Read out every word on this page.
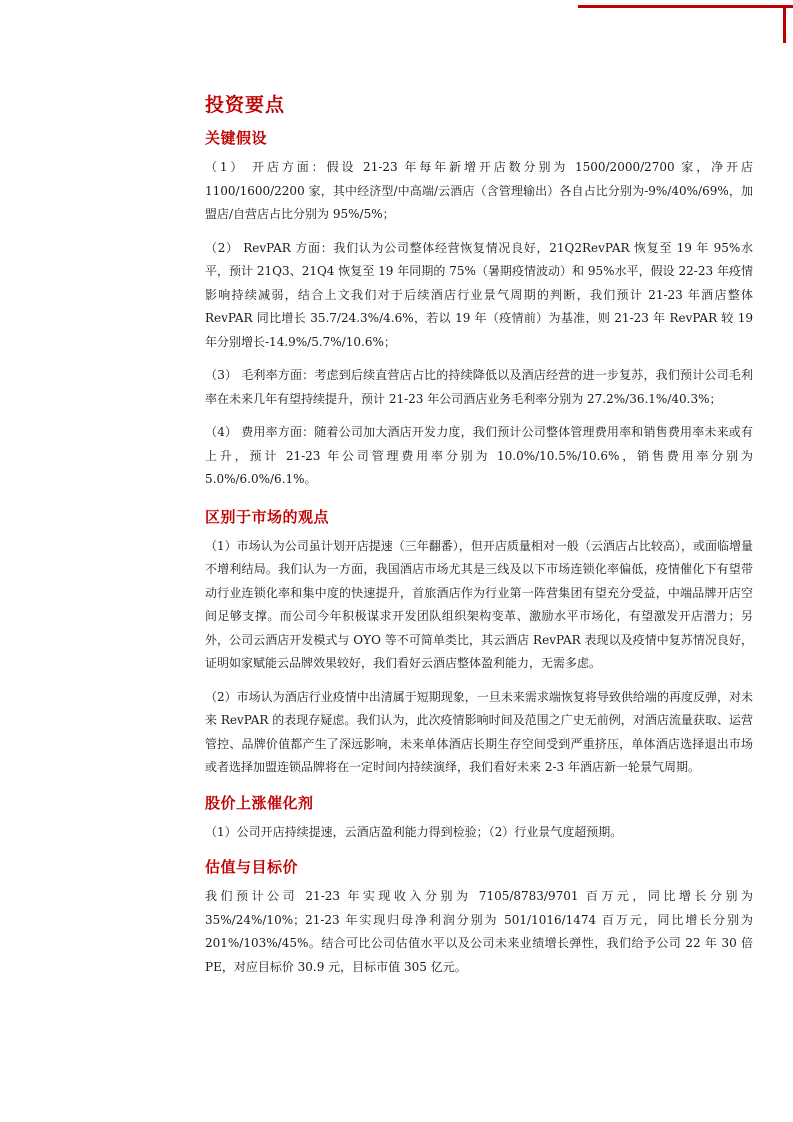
投资要点
关键假设

（1） 开店方面：假设 21-23 年每年新增开店数分别为 1500/2000/2700 家，净开店 1100/1600/2200 家，其中经济型/中高端/云酒店（含管理输出）各自占比分别为-9%/40%/69%，加盟店/自营店占比分别为 95%/5%；

（2） RevPAR 方面：我们认为公司整体经营恢复情况良好，21Q2RevPAR 恢复至 19 年 95%水平，预计 21Q3、21Q4 恢复至 19 年同期的 75%（暑期疫情波动）和 95%水平，假设 22-23 年疫情影响持续减弱，结合上文我们对于后续酒店行业景气周期的判断，我们预计 21-23 年酒店整体 RevPAR 同比增长 35.7/24.3%/4.6%，若以 19 年（疫情前）为基准，则 21-23 年 RevPAR 较 19 年分别增长-14.9%/5.7%/10.6%；

（3） 毛利率方面：考虑到后续直营店占比的持续降低以及酒店经营的进一步复苏，我们预计公司毛利率在未来几年有望持续提升，预计 21-23 年公司酒店业务毛利率分别为 27.2%/36.1%/40.3%；

（4） 费用率方面：随着公司加大酒店开发力度，我们预计公司整体管理费用率和销售费用率未来或有上升，预计 21-23 年公司管理费用率分别为 10.0%/10.5%/10.6%，销售费用率分别为 5.0%/6.0%/6.1%。

区别于市场的观点

（1）市场认为公司虽计划开店提速（三年翻番），但开店质量相对一般（云酒店占比较高），或面临增量不增利结局。我们认为一方面，我国酒店市场尤其是三线及以下市场连锁化率偏低，疫情催化下有望带动行业连锁化率和集中度的快速提升，首旅酒店作为行业第一阵营集团有望充分受益，中端品牌开店空间足够支撑。而公司今年积极谋求开发团队组织架构变革、激励水平市场化，有望激发开店潜力；另外，公司云酒店开发模式与 OYO 等不可简单类比，其云酒店 RevPAR 表现以及疫情中复苏情况良好，证明如家赋能云品牌效果较好，我们看好云酒店整体盈利能力，无需多虑。

（2）市场认为酒店行业疫情中出清属于短期现象，一旦未来需求端恢复将导致供给端的再度反弹，对未来 RevPAR 的表现存疑虑。我们认为，此次疫情影响时间及范围之广史无前例，对酒店流量获取、运营管控、品牌价值都产生了深远影响，未来单体酒店长期生存空间受到严重挤压，单体酒店选择退出市场或者选择加盟连锁品牌将在一定时间内持续演绎，我们看好未来 2-3 年酒店新一轮景气周期。

股价上涨催化剂

（1）公司开店持续提速，云酒店盈利能力得到检验；（2）行业景气度超预期。

估值与目标价

我们预计公司 21-23 年实现收入分别为 7105/8783/9701 百万元，同比增长分别为 35%/24%/10%；21-23 年实现归母净利润分别为 501/1016/1474 百万元，同比增长分别为 201%/103%/45%。结合可比公司估值水平以及公司未来业绩增长弹性，我们给予公司 22 年 30 倍 PE，对应目标价 30.9 元，目标市值 305 亿元。
